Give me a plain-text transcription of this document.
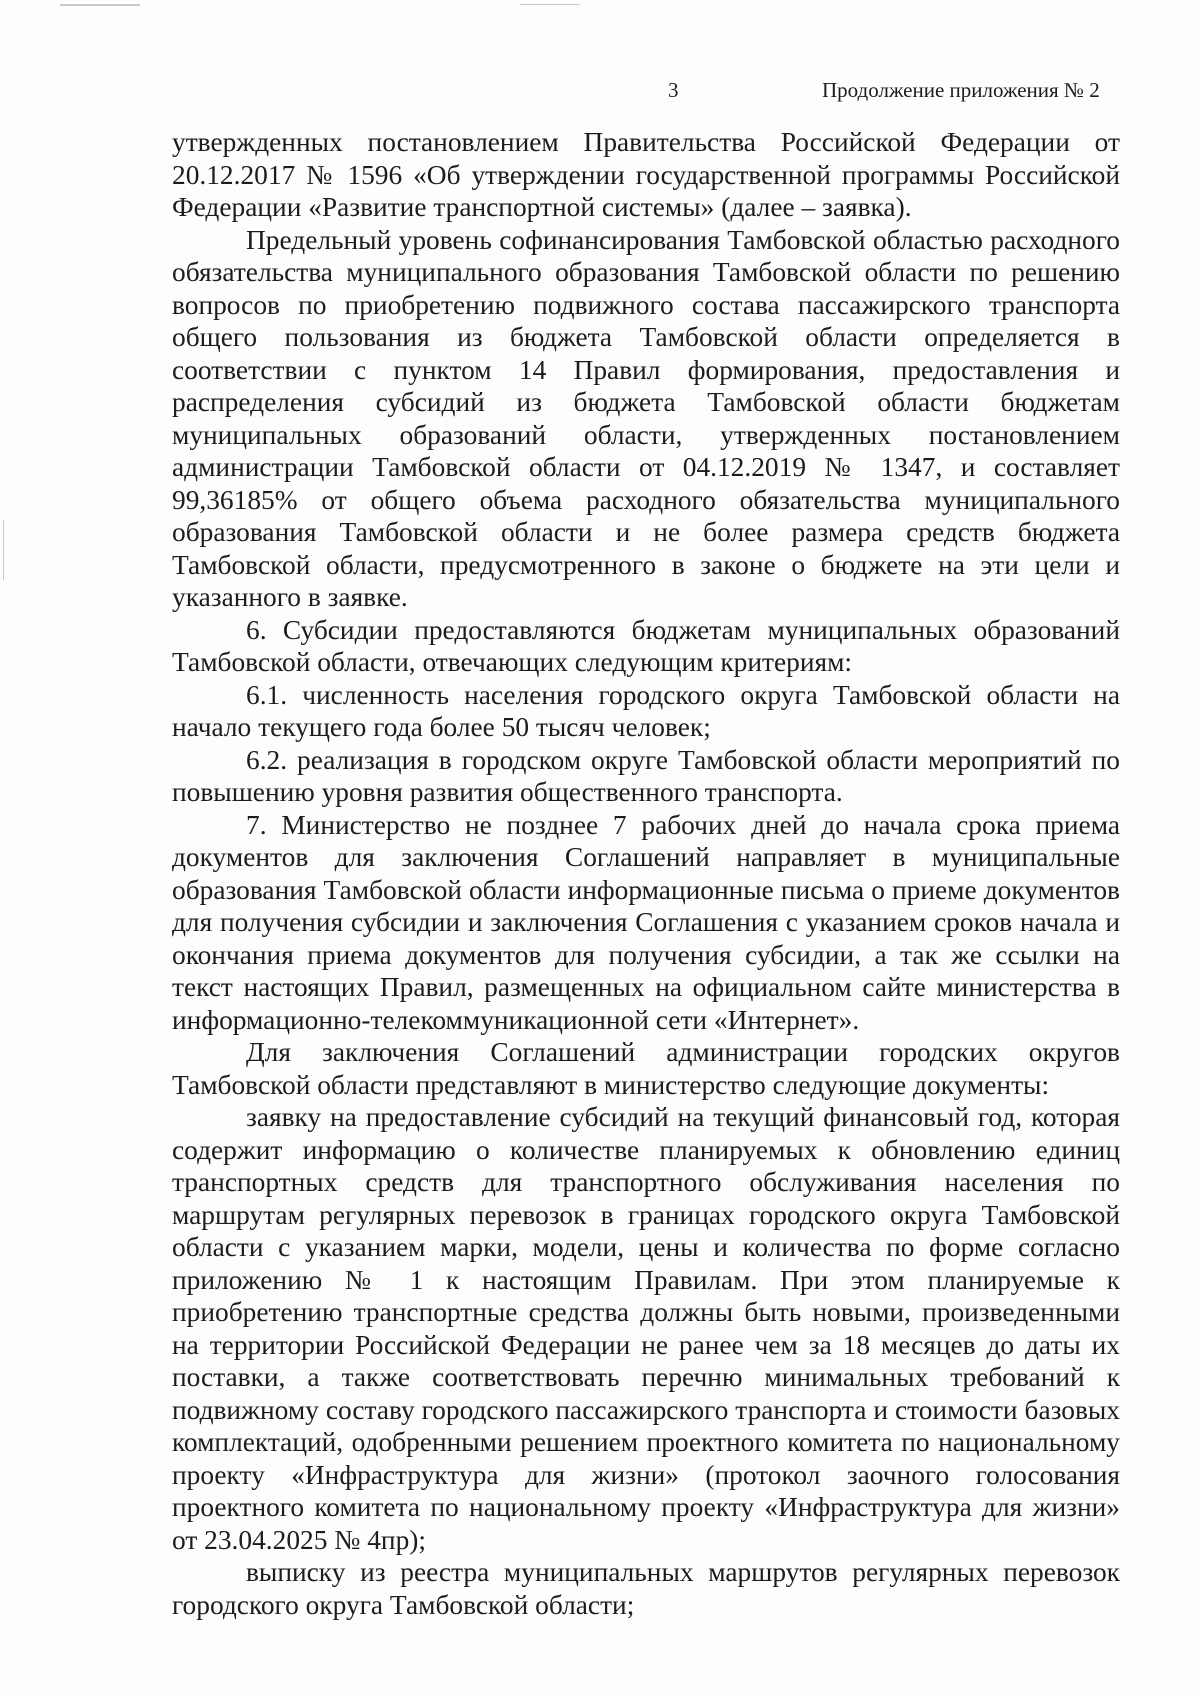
3	Продолжение приложения № 2

утвержденных постановлением Правительства Российской Федерации от 20.12.2017 № 1596 «Об утверждении государственной программы Российской Федерации «Развитие транспортной системы» (далее – заявка).

Предельный уровень софинансирования Тамбовской областью расходного обязательства муниципального образования Тамбовской области по решению вопросов по приобретению подвижного состава пассажирского транспорта общего пользования из бюджета Тамбовской области определяется в соответствии с пунктом 14 Правил формирования, предоставления и распределения субсидий из бюджета Тамбовской области бюджетам муниципальных образований области, утвержденных постановлением администрации Тамбовской области от 04.12.2019 № 1347, и составляет 99,36185% от общего объема расходного обязательства муниципального образования Тамбовской области и не более размера средств бюджета Тамбовской области, предусмотренного в законе о бюджете на эти цели и указанного в заявке.

6. Субсидии предоставляются бюджетам муниципальных образований Тамбовской области, отвечающих следующим критериям:

6.1. численность населения городского округа Тамбовской области на начало текущего года более 50 тысяч человек;

6.2. реализация в городском округе Тамбовской области мероприятий по повышению уровня развития общественного транспорта.

7. Министерство не позднее 7 рабочих дней до начала срока приема документов для заключения Соглашений направляет в муниципальные образования Тамбовской области информационные письма о приеме документов для получения субсидии и заключения Соглашения с указанием сроков начала и окончания приема документов для получения субсидии, а так же ссылки на текст настоящих Правил, размещенных на официальном сайте министерства в информационно-телекоммуникационной сети «Интернет».

Для заключения Соглашений администрации городских округов Тамбовской области представляют в министерство следующие документы:

заявку на предоставление субсидий на текущий финансовый год, которая содержит информацию о количестве планируемых к обновлению единиц транспортных средств для транспортного обслуживания населения по маршрутам регулярных перевозок в границах городского округа Тамбовской области с указанием марки, модели, цены и количества по форме согласно приложению № 1 к настоящим Правилам. При этом планируемые к приобретению транспортные средства должны быть новыми, произведенными на территории Российской Федерации не ранее чем за 18 месяцев до даты их поставки, а также соответствовать перечню минимальных требований к подвижному составу городского пассажирского транспорта и стоимости базовых комплектаций, одобренными решением проектного комитета по национальному проекту «Инфраструктура для жизни» (протокол заочного голосования проектного комитета по национальному проекту «Инфраструктура для жизни» от 23.04.2025 № 4пр);

выписку из реестра муниципальных маршрутов регулярных перевозок городского округа Тамбовской области;
